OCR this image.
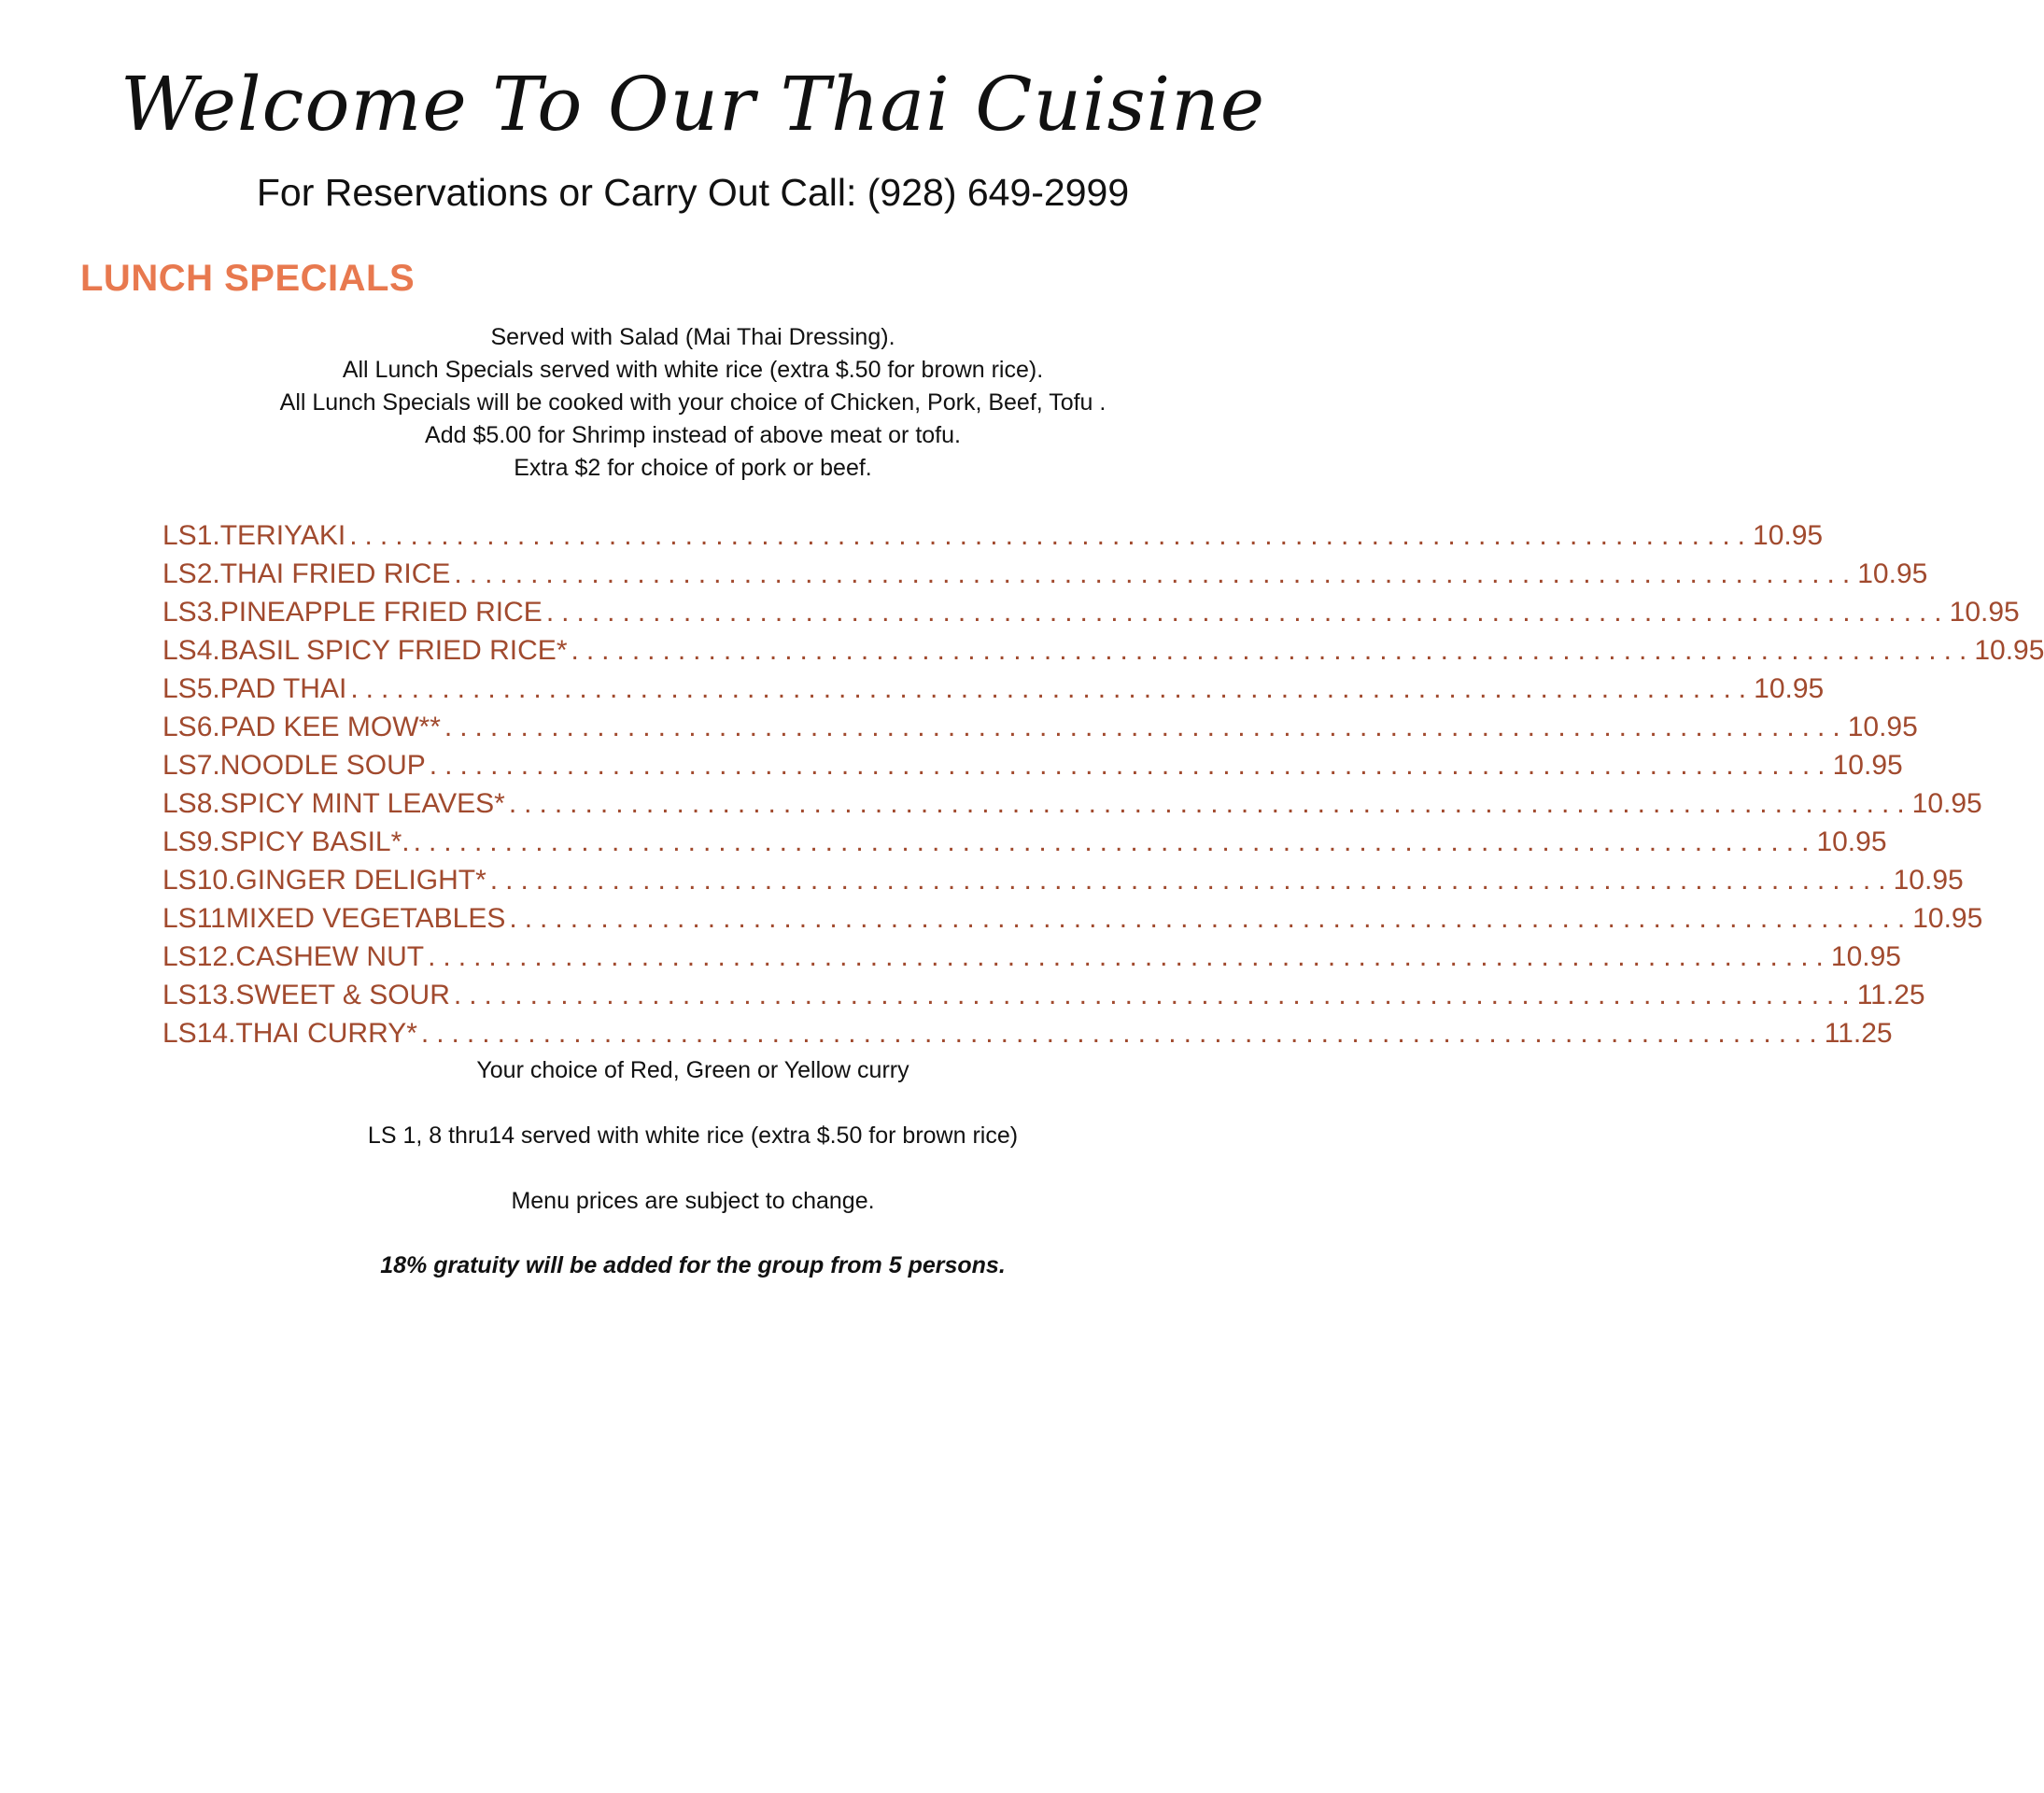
Welcome To Our Thai Cuisine
For Reservations or Carry Out Call: (928) 649-2999
LUNCH SPECIALS
Served with Salad (Mai Thai Dressing).
All Lunch Specials served with white rice (extra $.50 for brown rice).
All Lunch Specials will be cooked with your choice of Chicken, Pork, Beef, Tofu .
Add $5.00 for Shrimp instead of above meat or tofu.
Extra $2 for choice of pork or beef.
LS1. TERIYAKI ............................................................................................ 10.95
LS2. THAI FRIED RICE ............................................................................................ 10.95
LS3. PINEAPPLE FRIED RICE ............................................................................................ 10.95
LS4. BASIL SPICY FRIED RICE* ............................................................................................ 10.95
LS5. PAD THAI ............................................................................................ 10.95
LS6. PAD KEE MOW** ............................................................................................ 10.95
LS7. NOODLE SOUP ............................................................................................ 10.95
LS8. SPICY MINT LEAVES* ............................................................................................ 10.95
LS9. SPICY BASIL*. ............................................................................................ 10.95
LS10. GINGER DELIGHT* ............................................................................................ 10.95
LS11 MIXED VEGETABLES ............................................................................................ 10.95
LS12. CASHEW NUT ............................................................................................ 10.95
LS13. SWEET & SOUR ............................................................................................ 11.25
LS14. THAI CURRY* ............................................................................................ 11.25
Your choice of Red, Green or Yellow curry
LS 1, 8 thru14 served with white rice (extra $.50 for brown rice)
Menu prices are subject to change.
18% gratuity will be added for the group from 5 persons.
